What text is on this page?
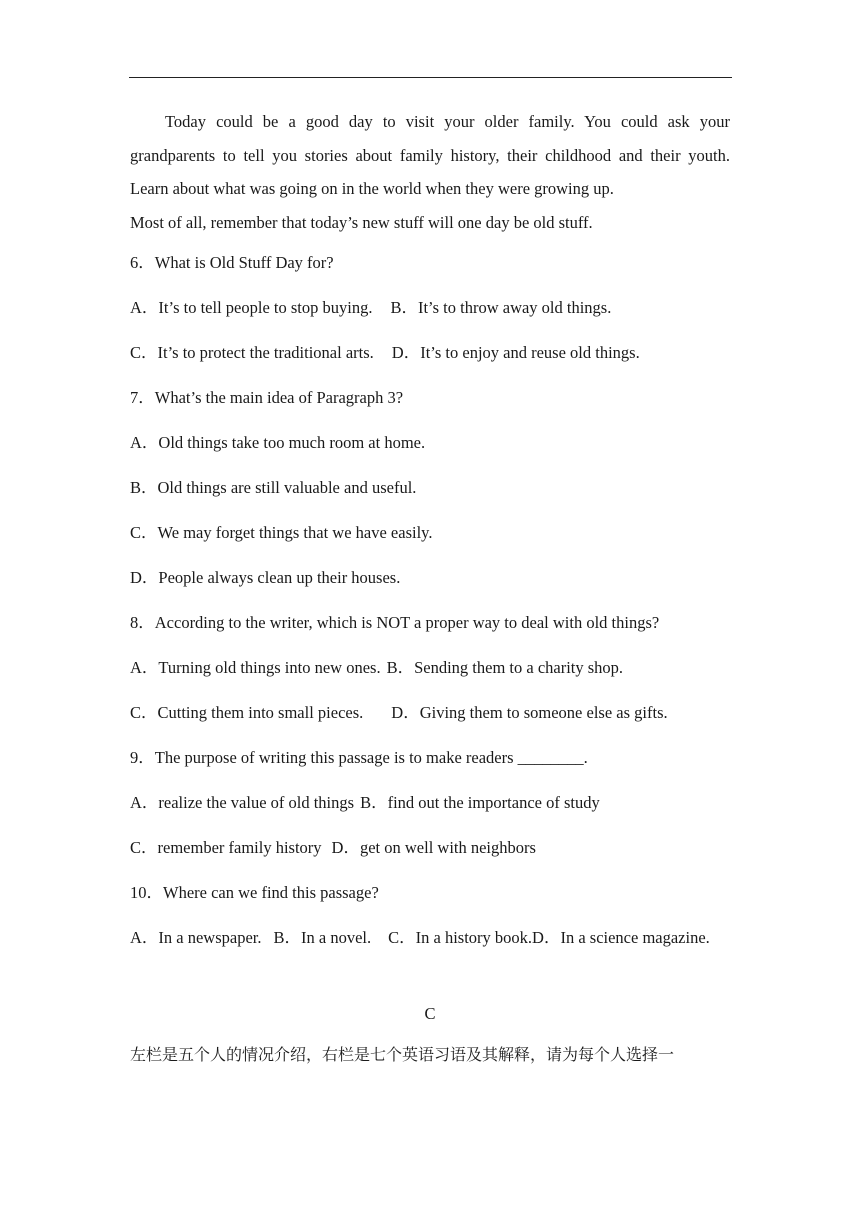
Today could be a good day to visit your older family. You could ask your
grandparents to tell you stories about family history, their childhood and their youth.
Learn about what was going on in the world when they were growing up.
Most of all, remember that today’s new stuff will one day be old stuff.
6．What is Old Stuff Day for?
A．It’s to tell people to stop buying. B．It’s to throw away old things.
C．It’s to protect the traditional arts. D．It’s to enjoy and reuse old things.
7．What’s the main idea of Paragraph 3?
A．Old things take too much room at home.
B．Old things are still valuable and useful.
C．We may forget things that we have easily.
D．People always clean up their houses.
8．According to the writer, which is NOT a proper way to deal with old things?
A．Turning old things into new ones. B．Sending them to a charity shop.
C．Cutting them into small pieces. D．Giving them to someone else as gifts.
9．The purpose of writing this passage is to make readers ________.
A．realize the value of old things B．find out the importance of study
C．remember family history D．get on well with neighbors
10．Where can we find this passage?
A．In a newspaper. B．In a novel. C．In a history book.D．In a science magazine.
C
左栏是五个人的情况介绍，右栏是七个英语习语及其解释，请为每个人选择一
